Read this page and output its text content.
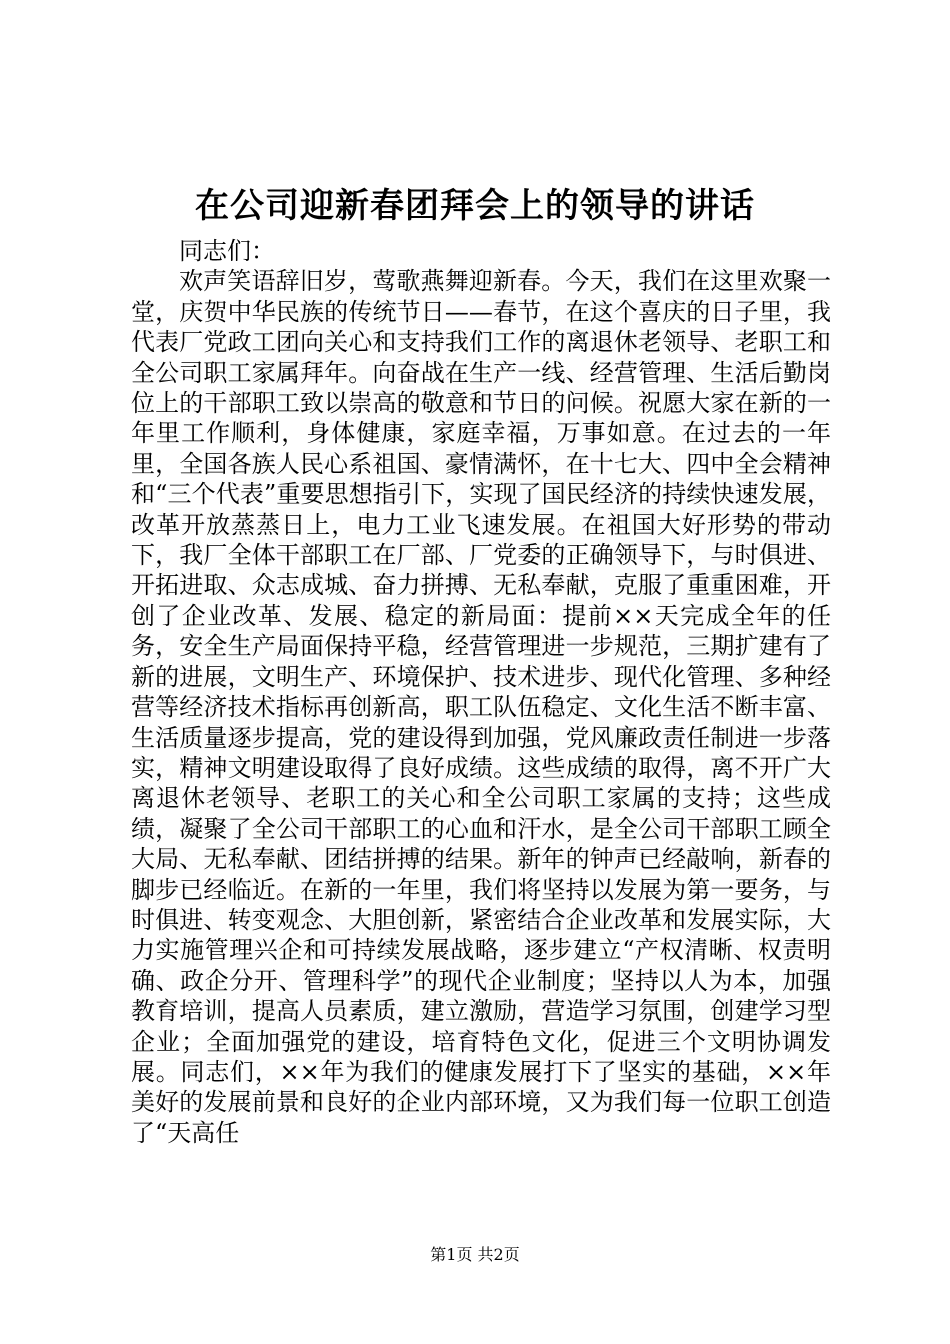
在公司迎新春团拜会上的领导的讲话

同志们：

欢声笑语辞旧岁，莺歌燕舞迎新春。今天，我们在这里欢聚一堂，庆贺中华民族的传统节日——春节，在这个喜庆的日子里，我代表厂党政工团向关心和支持我们工作的离退休老领导、老职工和全公司职工家属拜年。向奋战在生产一线、经营管理、生活后勤岗位上的干部职工致以崇高的敬意和节日的问候。祝愿大家在新的一年里工作顺利，身体健康，家庭幸福，万事如意。在过去的一年里，全国各族人民心系祖国、豪情满怀，在十七大、四中全会精神和“三个代表”重要思想指引下，实现了国民经济的持续快速发展，改革开放蒸蒸日上，电力工业飞速发展。在祖国大好形势的带动下，我厂全体干部职工在厂部、厂党委的正确领导下，与时俱进、开拓进取、众志成城、奋力拼搏、无私奉献，克服了重重困难，开创了企业改革、发展、稳定的新局面：提前××天完成全年的任务，安全生产局面保持平稳，经营管理进一步规范，三期扩建有了新的进展，文明生产、环境保护、技术进步、现代化管理、多种经营等经济技术指标再创新高，职工队伍稳定、文化生活不断丰富、生活质量逐步提高，党的建设得到加强，党风廉政责任制进一步落实，精神文明建设取得了良好成绩。这些成绩的取得，离不开广大离退休老领导、老职工的关心和全公司职工家属的支持；这些成绩，凝聚了全公司干部职工的心血和汗水，是全公司干部职工顾全大局、无私奉献、团结拼搏的结果。新年的钟声已经敲响，新春的脚步已经临近。在新的一年里，我们将坚持以发展为第一要务，与时俱进、转变观念、大胆创新，紧密结合企业改革和发展实际，大力实施管理兴企和可持续发展战略，逐步建立“产权清晰、权责明确、政企分开、管理科学”的现代企业制度；坚持以人为本，加强教育培训，提高人员素质，建立激励，营造学习氛围，创建学习型企业；全面加强党的建设，培育特色文化，促进三个文明协调发展。同志们，××年为我们的健康发展打下了坚实的基础，××年美好的发展前景和良好的企业内部环境，又为我们每一位职工创造了“天高任

第1页 共2页
